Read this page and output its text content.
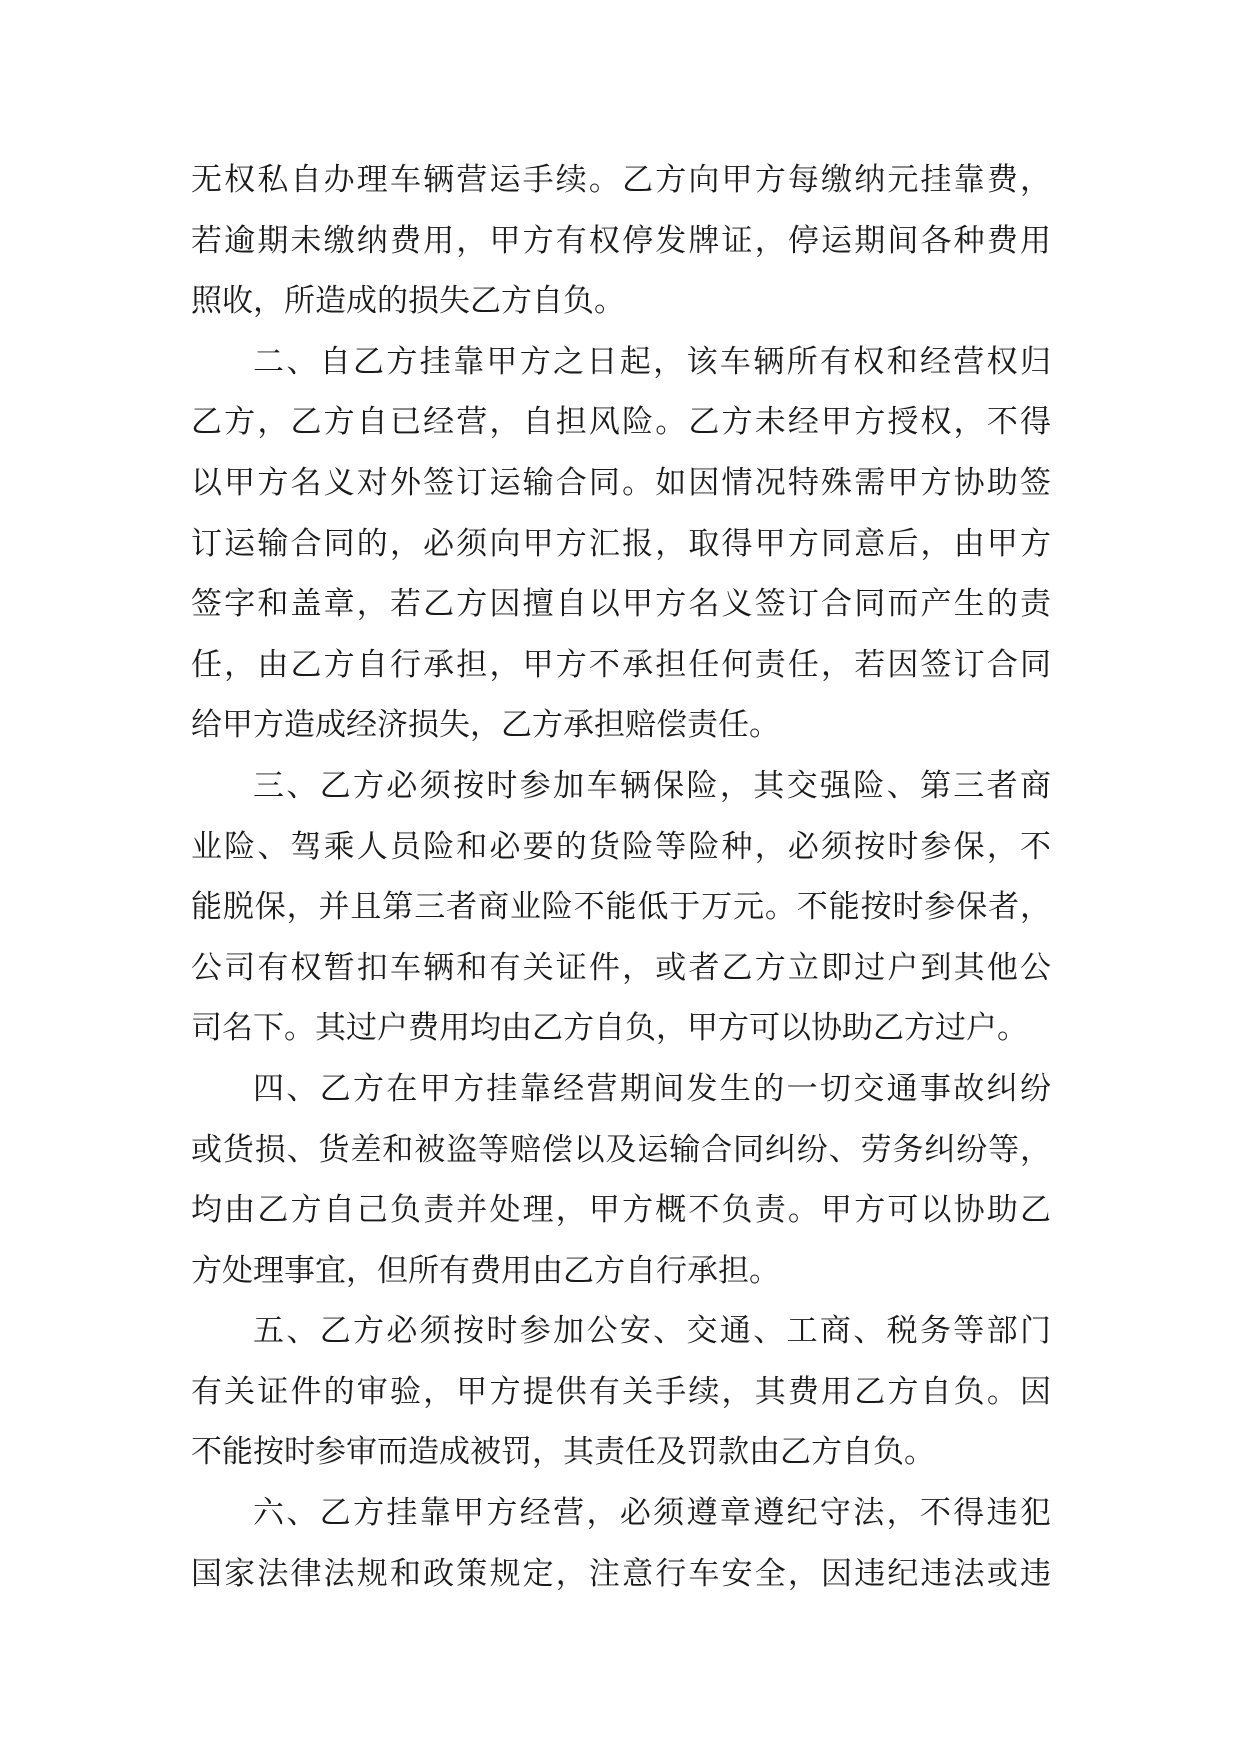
无权私自办理车辆营运手续。乙方向甲方每缴纳元挂靠费，
若逾期未缴纳费用，甲方有权停发牌证，停运期间各种费用
照收，所造成的损失乙方自负。
二、自乙方挂靠甲方之日起，该车辆所有权和经营权归
乙方，乙方自已经营，自担风险。乙方未经甲方授权，不得
以甲方名义对外签订运输合同。如因情况特殊需甲方协助签
订运输合同的，必须向甲方汇报，取得甲方同意后，由甲方
签字和盖章，若乙方因擅自以甲方名义签订合同而产生的责
任，由乙方自行承担，甲方不承担任何责任，若因签订合同
给甲方造成经济损失，乙方承担赔偿责任。
三、乙方必须按时参加车辆保险，其交强险、第三者商
业险、驾乘人员险和必要的货险等险种，必须按时参保，不
能脱保，并且第三者商业险不能低于万元。不能按时参保者，
公司有权暂扣车辆和有关证件，或者乙方立即过户到其他公
司名下。其过户费用均由乙方自负，甲方可以协助乙方过户。
四、乙方在甲方挂靠经营期间发生的一切交通事故纠纷
或货损、货差和被盗等赔偿以及运输合同纠纷、劳务纠纷等，
均由乙方自己负责并处理，甲方概不负责。甲方可以协助乙
方处理事宜，但所有费用由乙方自行承担。
五、乙方必须按时参加公安、交通、工商、税务等部门
有关证件的审验，甲方提供有关手续，其费用乙方自负。因
不能按时参审而造成被罚，其责任及罚款由乙方自负。
六、乙方挂靠甲方经营，必须遵章遵纪守法，不得违犯
国家法律法规和政策规定，注意行车安全，因违纪违法或违
